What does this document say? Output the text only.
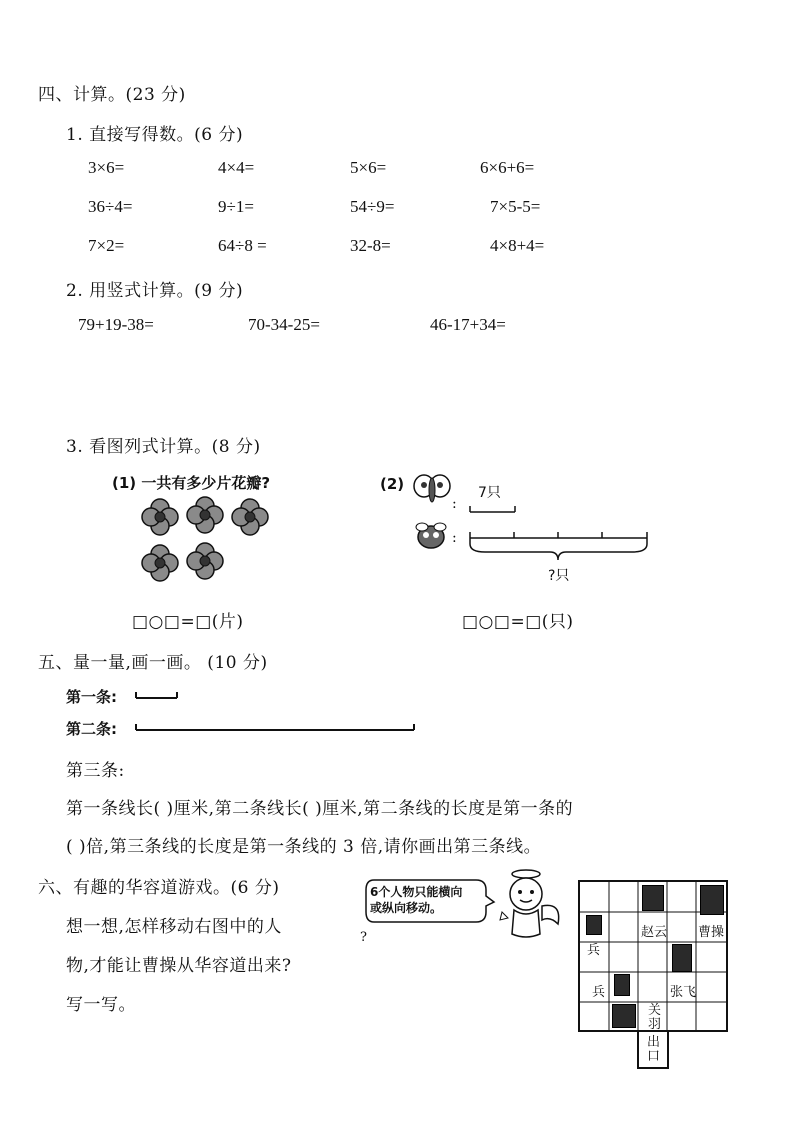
四、计算。(23 分)
1. 直接写得数。(6 分)
3×6=	4×4=	5×6=	6×6+6=
36÷4=	9÷1=	54÷9=	7×5-5=
7×2=	64÷8 =	32-8=	4×8+4=
2. 用竖式计算。(9 分)
79+19-38=	70-34-25=	46-17+34=
3. 看图列式计算。(8 分)
(1) 一共有多少片花瓣?	(2)
:
:
7只
?只
□○□=□(片)	□○□=□(只)
五、量一量,画一画。 (10 分)
第一条:
第二条:
第三条:
第一条线长( )厘米,第二条线长( )厘米,第二条线的长度是第一条的
( )倍,第三条线的长度是第一条线的 3 倍,请你画出第三条线。
六、有趣的华容道游戏。(6 分)
想一想,怎样移动右图中的人
物,才能让曹操从华容道出来?
写一写。
?
6个人物只能横向
或纵向移动。
赵云 曹操
兵
兵	张飞
关羽
出口
